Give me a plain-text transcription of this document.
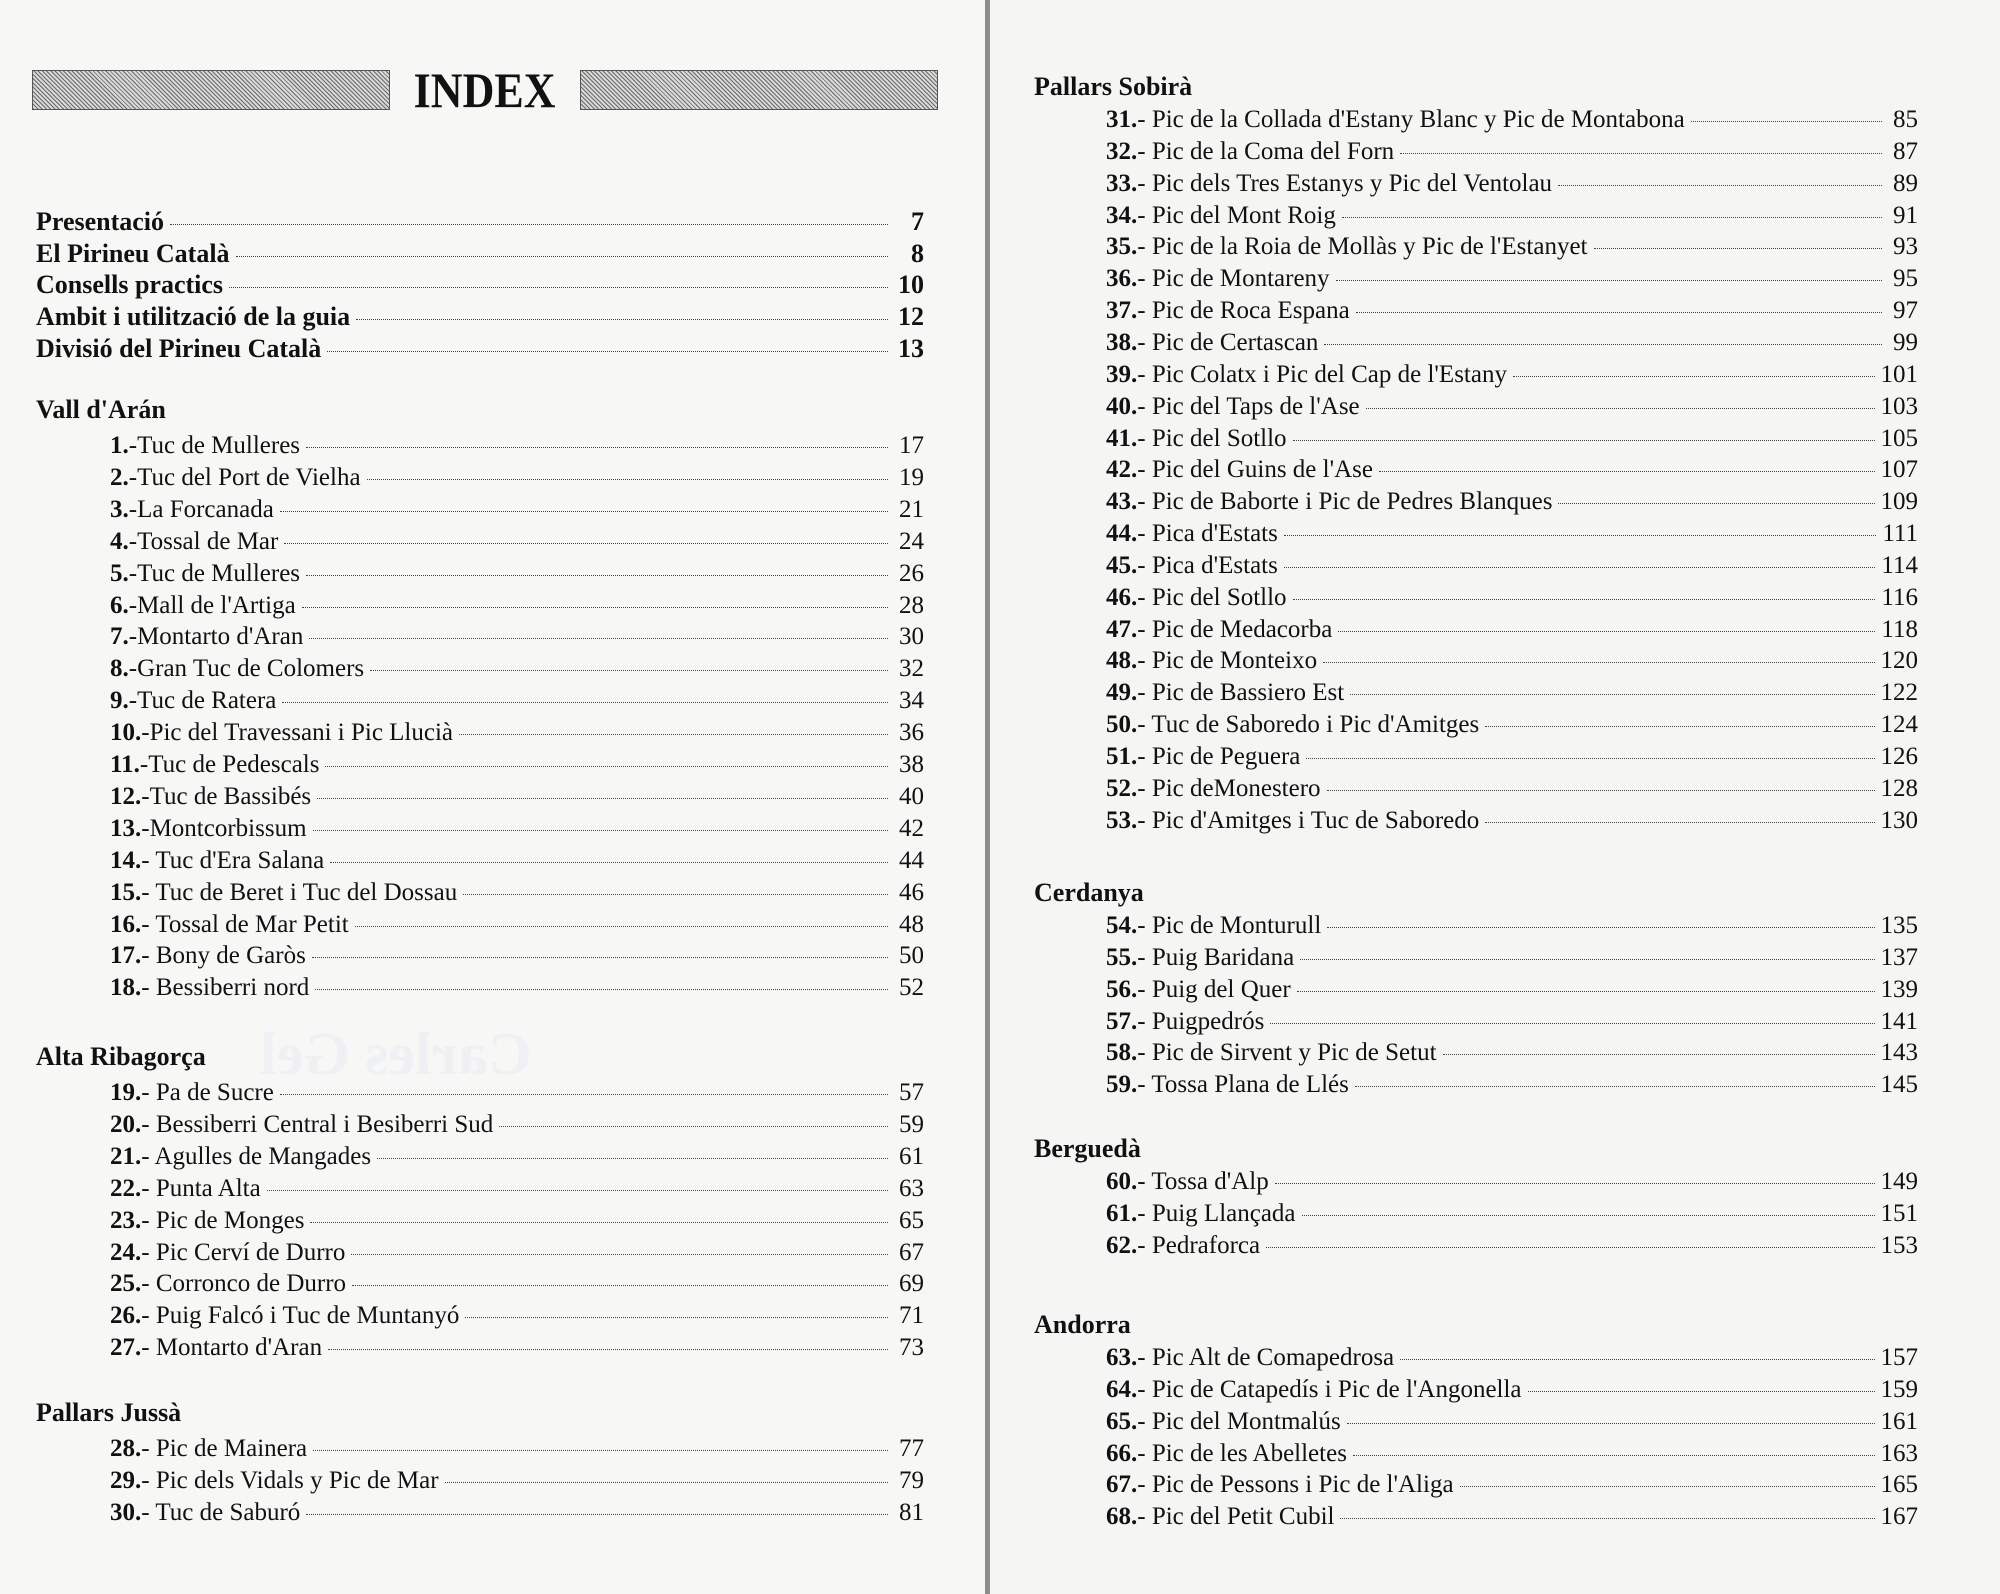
Carles Gel
INDEX
Presentació	7
El Pirineu Català	8
Consells practics	10
Ambit i utilització de la guia	12
Divisió del Pirineu Català	13
Vall d'Arán
1.-Tuc de Mulleres	17
2.-Tuc del Port de Vielha	19
3.-La Forcanada	21
4.-Tossal de Mar	24
5.-Tuc de Mulleres	26
6.-Mall de l'Artiga	28
7.-Montarto d'Aran	30
8.-Gran Tuc de Colomers	32
9.-Tuc de Ratera	34
10.-Pic del Travessani i Pic Llucià	36
11.-Tuc de Pedescals	38
12.-Tuc de Bassibés	40
13.-Montcorbissum	42
14.- Tuc d'Era Salana	44
15.- Tuc de Beret i Tuc del Dossau	46
16.- Tossal de Mar Petit	48
17.- Bony de Garòs	50
18.- Bessiberri nord	52
Alta Ribagorça
19.- Pa de Sucre	57
20.- Bessiberri Central i Besiberri Sud	59
21.- Agulles de Mangades	61
22.- Punta Alta	63
23.- Pic de Monges	65
24.- Pic Cerví de Durro	67
25.- Corronco de Durro	69
26.- Puig Falcó i Tuc de Muntanyó	71
27.- Montarto d'Aran	73
Pallars Jussà
28.- Pic de Mainera	77
29.- Pic dels Vidals y Pic de Mar	79
30.- Tuc de Saburó	81
Pallars Sobirà
31.- Pic de la Collada d'Estany Blanc y Pic de Montabona	85
32.- Pic de la Coma del Forn	87
33.- Pic dels Tres Estanys y Pic del Ventolau	89
34.- Pic del Mont Roig	91
35.- Pic de la Roia de Mollàs y Pic de l'Estanyet	93
36.- Pic de Montareny	95
37.- Pic de Roca Espana	97
38.- Pic de Certascan	99
39.- Pic Colatx i Pic del Cap de l'Estany	101
40.- Pic del Taps de l'Ase	103
41.- Pic del Sotllo	105
42.- Pic del Guins de l'Ase	107
43.- Pic de Baborte i Pic de Pedres Blanques	109
44.- Pica d'Estats	111
45.- Pica d'Estats	114
46.- Pic del Sotllo	116
47.- Pic de Medacorba	118
48.- Pic de Monteixo	120
49.- Pic de Bassiero Est	122
50.- Tuc de Saboredo i Pic d'Amitges	124
51.- Pic de Peguera	126
52.- Pic deMonestero	128
53.- Pic d'Amitges i Tuc de Saboredo	130
Cerdanya
54.- Pic de Monturull	135
55.- Puig Baridana	137
56.- Puig del Quer	139
57.- Puigpedrós	141
58.- Pic de Sirvent y Pic de Setut	143
59.- Tossa Plana de Llés	145
Berguedà
60.- Tossa d'Alp	149
61.- Puig Llançada	151
62.- Pedraforca	153
Andorra
63.- Pic Alt de Comapedrosa	157
64.- Pic de Catapedís i Pic de l'Angonella	159
65.- Pic del Montmalús	161
66.- Pic de les Abelletes	163
67.- Pic de Pessons i Pic de l'Aliga	165
68.- Pic del Petit Cubil	167
